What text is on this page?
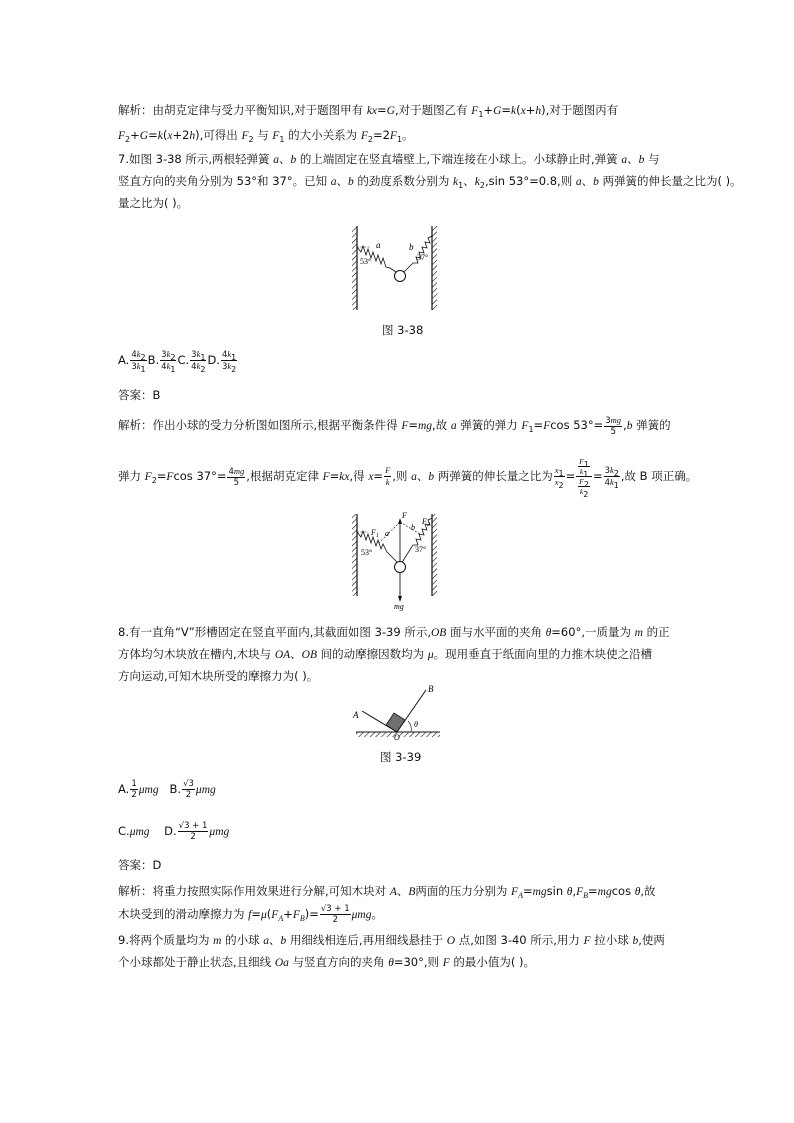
解析：由胡克定律与受力平衡知识,对于题图甲有 kx=G,对于题图乙有 $F_1+G=k(x+h)$,对于题图丙有
$F_2+G=k(x+2h)$,可得出 $F_2$ 与 $F_1$ 的大小关系为 $F_2=2F_1$。
7.如图 3-38 所示,两根轻弹簧 a、b 的上端固定在竖直墙壁上,下端连接在小球上。小球静止时,弹簧 a、b 与
竖直方向的夹角分别为 53°和 37°。已知 a、b 的劲度系数分别为 $k_1$、$k_2,\sin$ 53°=0.8,则 a、b 两弹簧的伸长量之比为( )。
量之比为( )。
a	b
53°	37°
图 3-38
A. $\frac{4k_2}{3k_1} B$. $\frac{3k_2}{4k_1} C$. $\frac{3k_1}{4k_2} D$. $\frac{4k_1}{3k_2}$
答案：B
解析：作出小球的受力分析图如图所示,根据平衡条件得 F=mg,故 a 弹簧的弹力 $F_1=Fcos$ $53^\circ= \frac{3mg}{5} ,b$ 弹簧的
弹力 $F_2=Fcos$ $37^\circ= \frac{4mg}{5}$ ,根据胡克定律 F=kx,得 $x= \frac{F}{k}$ ,则 a、b 两弹簧的伸长量之比为 $\frac{x_1}{x_2} = \frac{\frac{F_1}{k_1}}{\frac{F_2}{k_2}} = \frac{3k_2}{4k_1}$ ,故 B 项正确。
F
$F_1$
$F_2$
a
b
53°	37°
mg
8.有一直角“V”形槽固定在竖直平面内,其截面如图 3-39 所示,OB 面与水平面的夹角 θ=60°,一质量为 m 的正
方体均匀木块放在槽内,木块与 OA、OB 间的动摩擦因数均为 μ。现用垂直于纸面向里的力推木块使之沿槽
方向运动,可知木块所受的摩擦力为( )。
A
B
O
θ
图 3-39
A. $\frac{1}{2}$ μmg B. $\frac{√3}{2}$ μmg
C.μmg D. $\frac{√3 + 1}{2}$ μmg
答案：D
解析：将重力按照实际作用效果进行分解,可知木块对 A、B两面的压力分别为 $F_A=mgsin$ $\theta,F_B=mgcos$ θ,故
木块受到的滑动摩擦力为 $f=\mu(F_A+F_B)= \frac{√3 + 1}{2}$ μmg。
9.将两个质量均为 m 的小球 a、b 用细线相连后,再用细线悬挂于 O 点,如图 3-40 所示,用力 F 拉小球 b,使两
个小球都处于静止状态,且细线 Oa 与竖直方向的夹角 θ=30°,则 F 的最小值为( )。
